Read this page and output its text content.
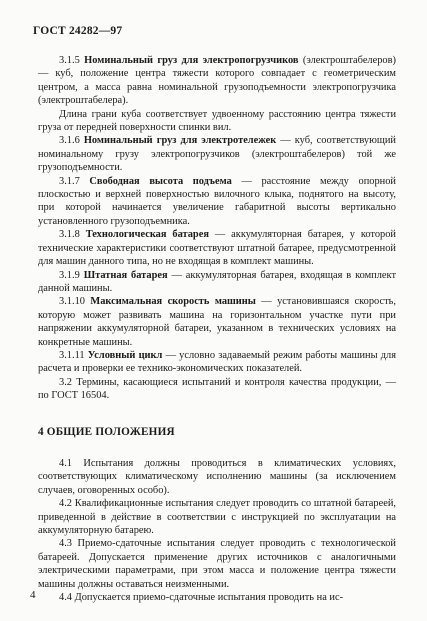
ГОСТ 24282—97

3.1.5 Номинальный груз для электропогрузчиков (электроштабелеров) — куб, положение центра тяжести которого совпадает с геометрическим центром, а масса равна номинальной грузоподъемности электропогрузчика (электроштабелера).

Длина грани куба соответствует удвоенному расстоянию центра тяжести груза от передней поверхности спинки вил.

3.1.6 Номинальный груз для электротележек — куб, соответствующий номинальному грузу электропогрузчиков (электроштабелеров) той же грузоподъемности.

3.1.7 Свободная высота подъема — расстояние между опорной плоскостью и верхней поверхностью вилочного клыка, поднятого на высоту, при которой начинается увеличение габаритной высоты вертикально установленного грузоподъемника.

3.1.8 Технологическая батарея — аккумуляторная батарея, у которой технические характеристики соответствуют штатной батарее, предусмотренной для машин данного типа, но не входящая в комплект машины.

3.1.9 Штатная батарея — аккумуляторная батарея, входящая в комплект данной машины.

3.1.10 Максимальная скорость машины — установившаяся скорость, которую может развивать машина на горизонтальном участке пути при напряжении аккумуляторной батареи, указанном в технических условиях на конкретные машины.

3.1.11 Условный цикл — условно задаваемый режим работы машины для расчета и проверки ее технико-экономических показателей.

3.2 Термины, касающиеся испытаний и контроля качества продукции, — по ГОСТ 16504.

4 ОБЩИЕ ПОЛОЖЕНИЯ

4.1 Испытания должны проводиться в климатических условиях, соответствующих климатическому исполнению машины (за исключением случаев, оговоренных особо).

4.2 Квалификационные испытания следует проводить со штатной батареей, приведенной в действие в соответствии с инструкцией по эксплуатации на аккумуляторную батарею.

4.3 Приемо-сдаточные испытания следует проводить с технологической батареей. Допускается применение других источников с аналогичными электрическими параметрами, при этом масса и положение центра тяжести машины должны оставаться неизменными.

4.4 Допускается приемо-сдаточные испытания проводить на ис-

4
